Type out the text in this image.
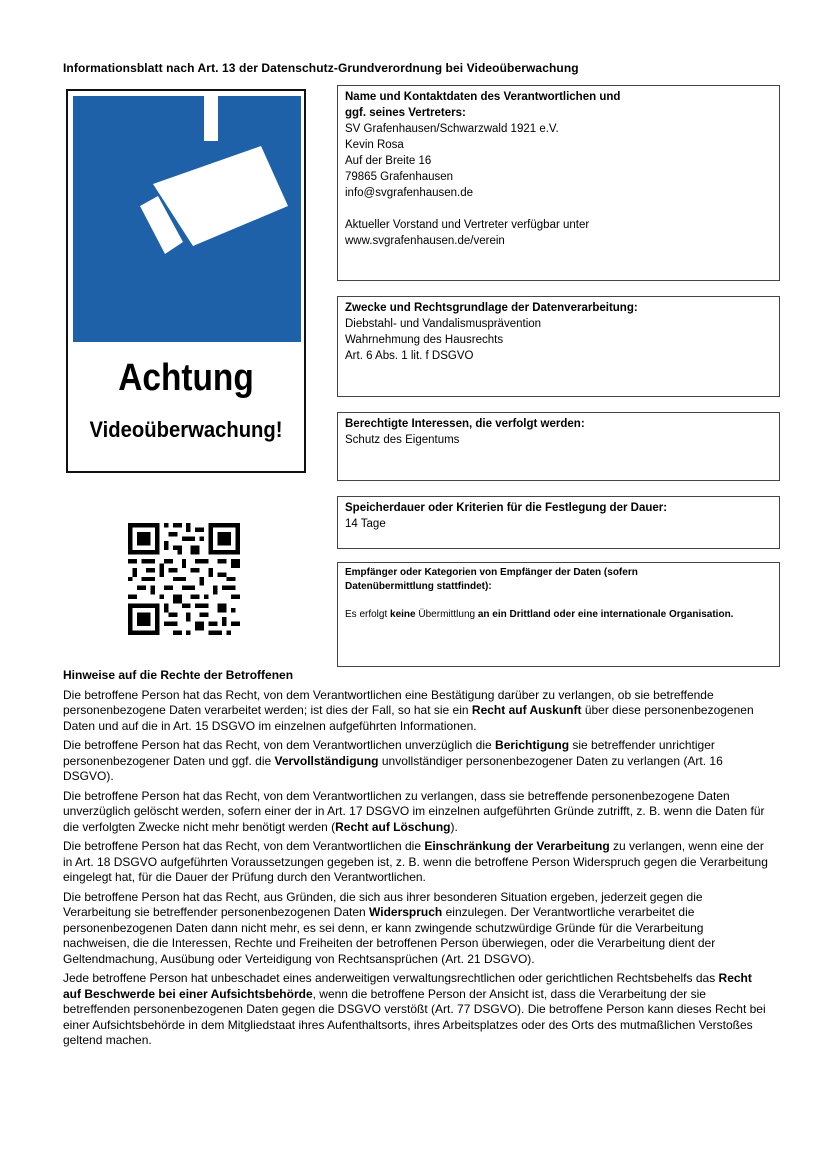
Informationsblatt nach Art. 13 der Datenschutz-Grundverordnung bei Videoüberwachung
Achtung
Videoüberwachung!
Name und Kontaktdaten des Verantwortlichen und
ggf. seines Vertreters:
SV Grafenhausen/Schwarzwald 1921 e.V.
Kevin Rosa
Auf der Breite 16
79865 Grafenhausen
info@svgrafenhausen.de
Aktueller Vorstand und Vertreter verfügbar unter
www.svgrafenhausen.de/verein
Zwecke und Rechtsgrundlage der Datenverarbeitung:
Diebstahl- und Vandalismusprävention
Wahrnehmung des Hausrechts
Art. 6 Abs. 1 lit. f DSGVO
Berechtigte Interessen, die verfolgt werden:
Schutz des Eigentums
Speicherdauer oder Kriterien für die Festlegung der Dauer:
14 Tage
Empfänger oder Kategorien von Empfänger der Daten (sofern
Datenübermittlung stattfindet):
Es erfolgt keine Übermittlung an ein Drittland oder eine internationale Organisation.
Hinweise auf die Rechte der Betroffenen

Die betroffene Person hat das Recht, von dem Verantwortlichen eine Bestätigung darüber zu verlangen, ob sie betreffende personenbezogene Daten verarbeitet werden; ist dies der Fall, so hat sie ein Recht auf Auskunft über diese personenbezogenen Daten und auf die in Art. 15 DSGVO im einzelnen aufgeführten Informationen.

Die betroffene Person hat das Recht, von dem Verantwortlichen unverzüglich die Berichtigung sie betreffender unrichtiger personenbezogener Daten und ggf. die Vervollständigung unvollständiger personenbezogener Daten zu verlangen (Art. 16 DSGVO).

Die betroffene Person hat das Recht, von dem Verantwortlichen zu verlangen, dass sie betreffende personenbezogene Daten unverzüglich gelöscht werden, sofern einer der in Art. 17 DSGVO im einzelnen aufgeführten Gründe zutrifft, z. B. wenn die Daten für die verfolgten Zwecke nicht mehr benötigt werden (Recht auf Löschung).

Die betroffene Person hat das Recht, von dem Verantwortlichen die Einschränkung der Verarbeitung zu verlangen, wenn eine der in Art. 18 DSGVO aufgeführten Voraussetzungen gegeben ist, z. B. wenn die betroffene Person Widerspruch gegen die Verarbeitung eingelegt hat, für die Dauer der Prüfung durch den Verantwortlichen.

Die betroffene Person hat das Recht, aus Gründen, die sich aus ihrer besonderen Situation ergeben, jederzeit gegen die Verarbeitung sie betreffender personenbezogenen Daten Widerspruch einzulegen. Der Verantwortliche verarbeitet die personenbezogenen Daten dann nicht mehr, es sei denn, er kann zwingende schutzwürdige Gründe für die Verarbeitung nachweisen, die die Interessen, Rechte und Freiheiten der betroffenen Person überwiegen, oder die Verarbeitung dient der Geltendmachung, Ausübung oder Verteidigung von Rechtsansprüchen (Art. 21 DSGVO).

Jede betroffene Person hat unbeschadet eines anderweitigen verwaltungsrechtlichen oder gerichtlichen Rechtsbehelfs das Recht auf Beschwerde bei einer Aufsichtsbehörde, wenn die betroffene Person der Ansicht ist, dass die Verarbeitung der sie betreffenden personenbezogenen Daten gegen die DSGVO verstößt (Art. 77 DSGVO). Die betroffene Person kann dieses Recht bei einer Aufsichtsbehörde in dem Mitgliedstaat ihres Aufenthaltsorts, ihres Arbeitsplatzes oder des Orts des mutmaßlichen Verstoßes geltend machen.
